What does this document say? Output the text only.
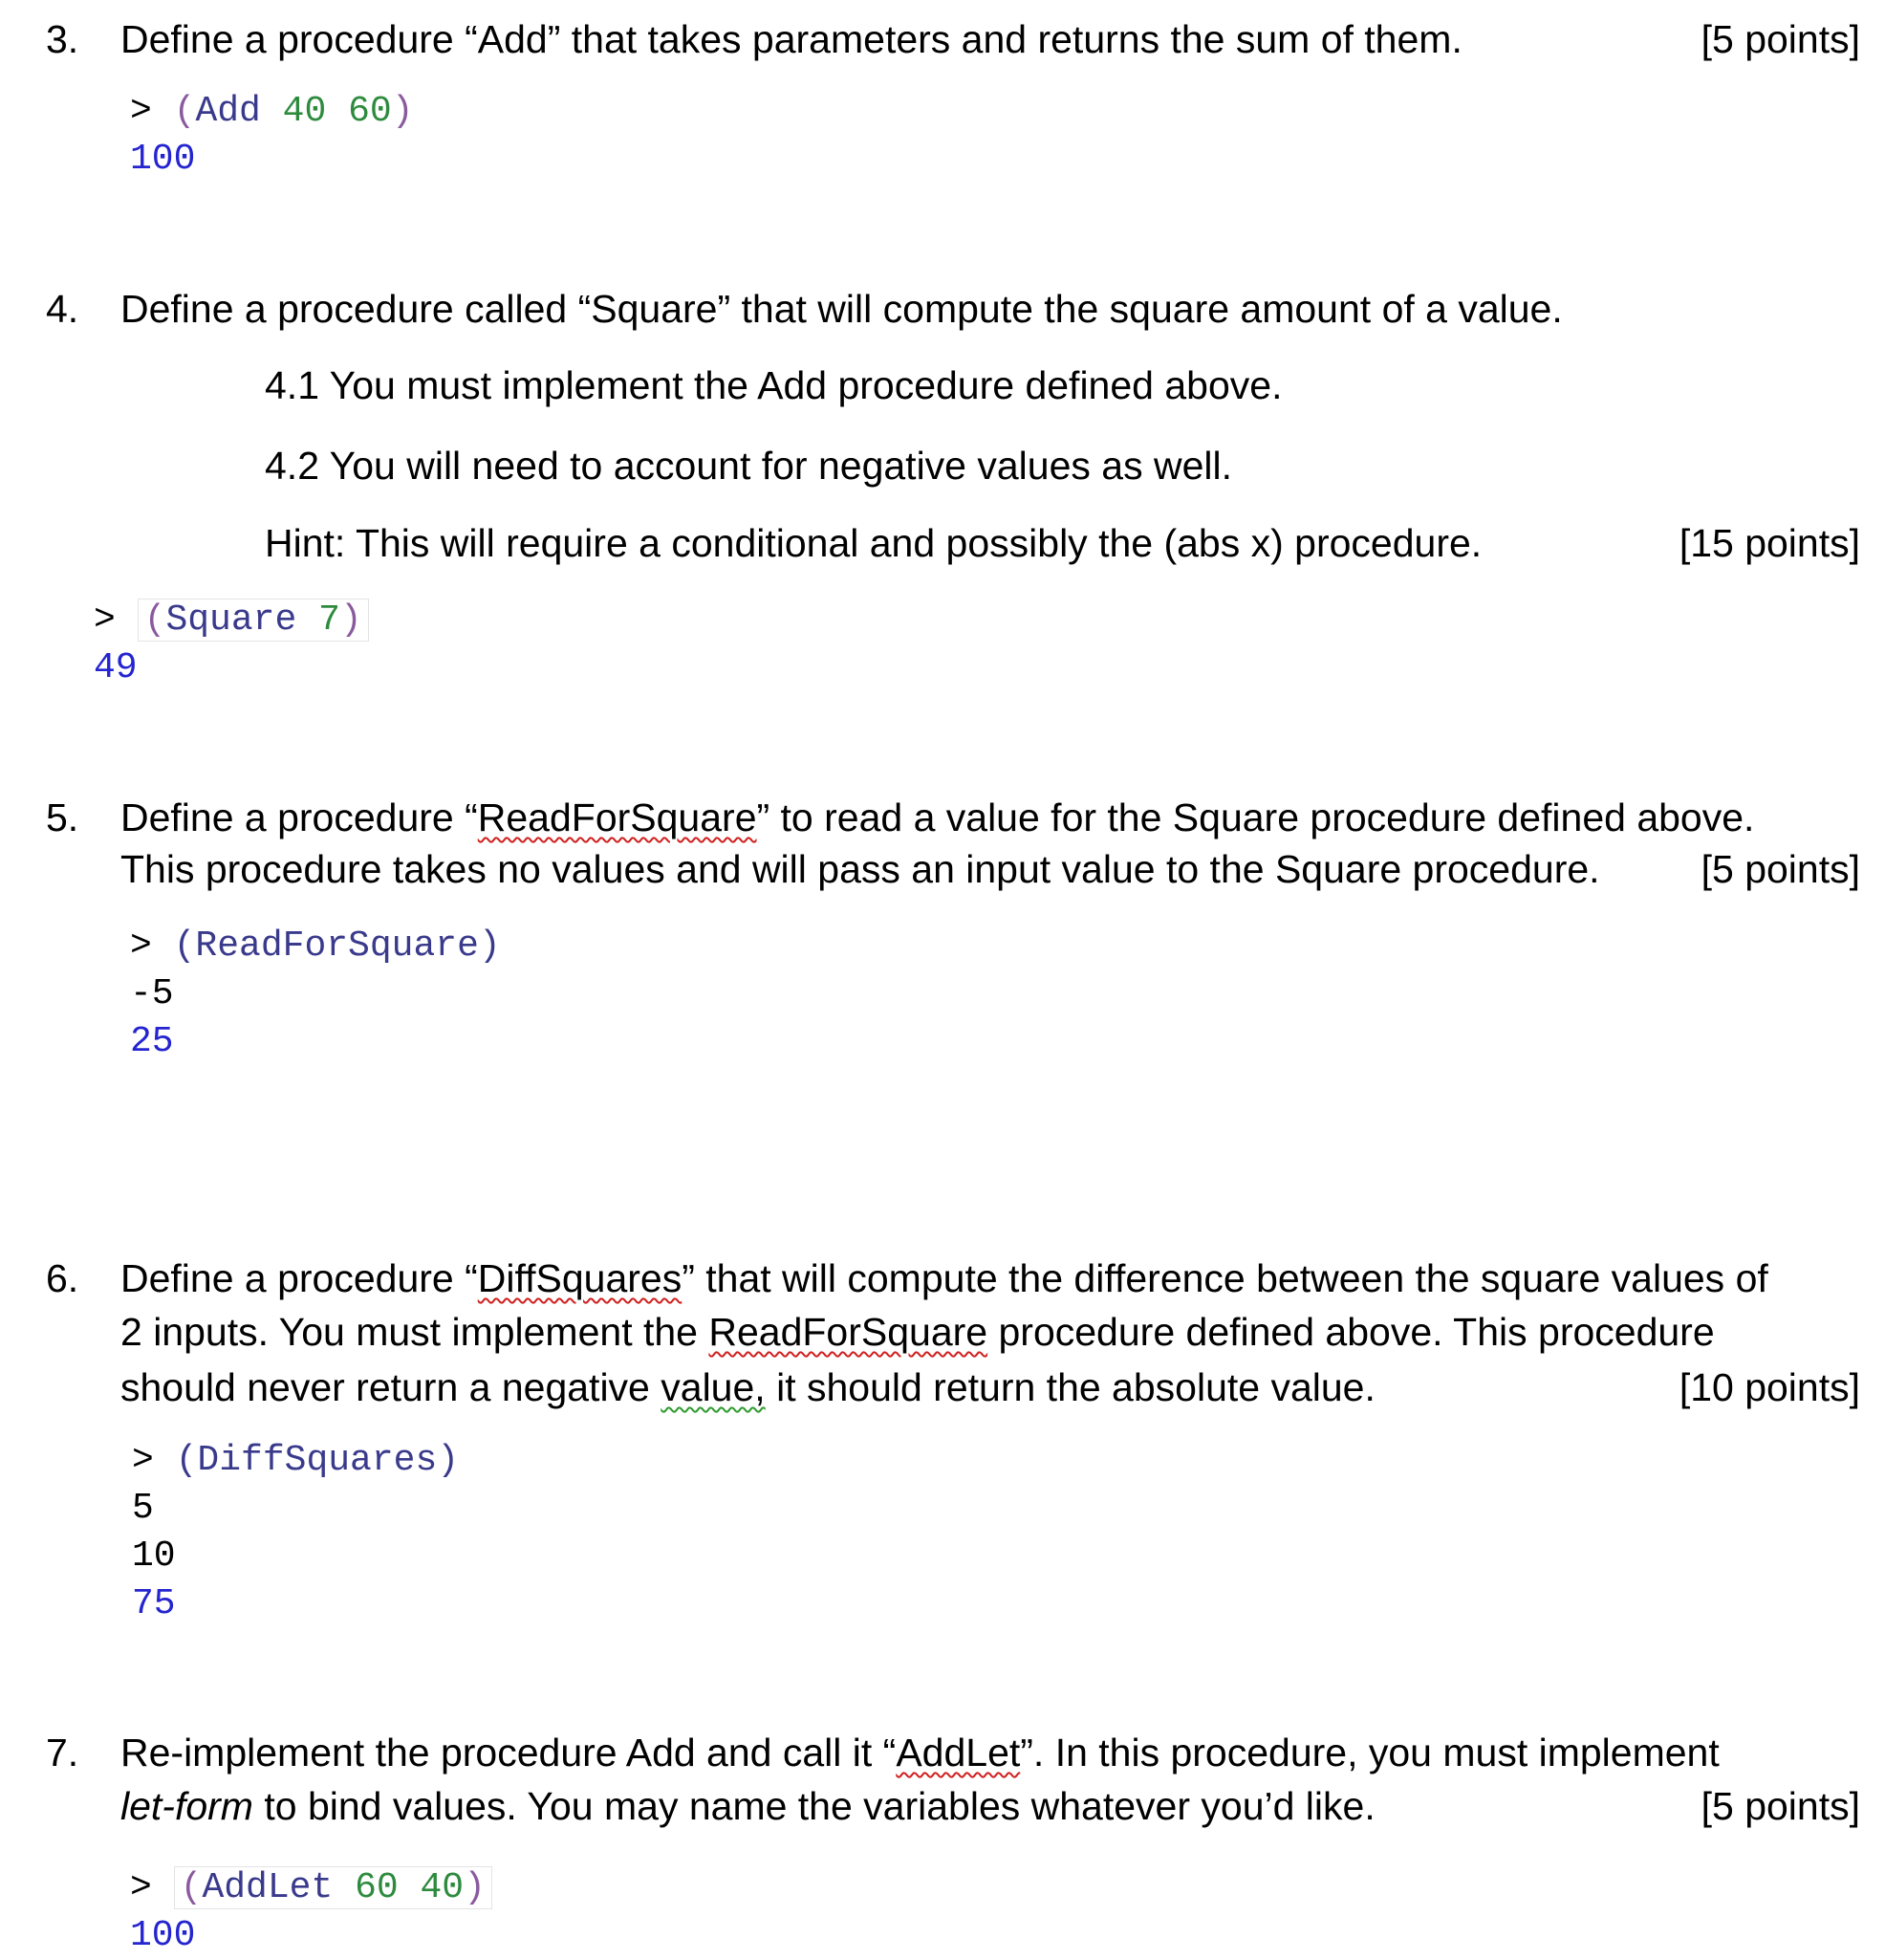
3. Define a procedure “Add” that takes parameters and returns the sum of them.	[5 points]
> (Add 40 60)
100
4. Define a procedure called “Square” that will compute the square amount of a value.
4.1 You must implement the Add procedure defined above.
4.2 You will need to account for negative values as well.
Hint: This will require a conditional and possibly the (abs x) procedure.	[15 points]
> (Square 7)
49
5. Define a procedure “ReadForSquare” to read a value for the Square procedure defined above.
This procedure takes no values and will pass an input value to the Square procedure.	[5 points]
> (ReadForSquare)
-5
25
6. Define a procedure “DiffSquares” that will compute the difference between the square values of
2 inputs. You must implement the ReadForSquare procedure defined above. This procedure
should never return a negative value, it should return the absolute value.	[10 points]
> (DiffSquares)
5
10
75
7. Re-implement the procedure Add and call it “AddLet”. In this procedure, you must implement
let-form to bind values. You may name the variables whatever you’d like.	[5 points]
> (AddLet 60 40)
100
